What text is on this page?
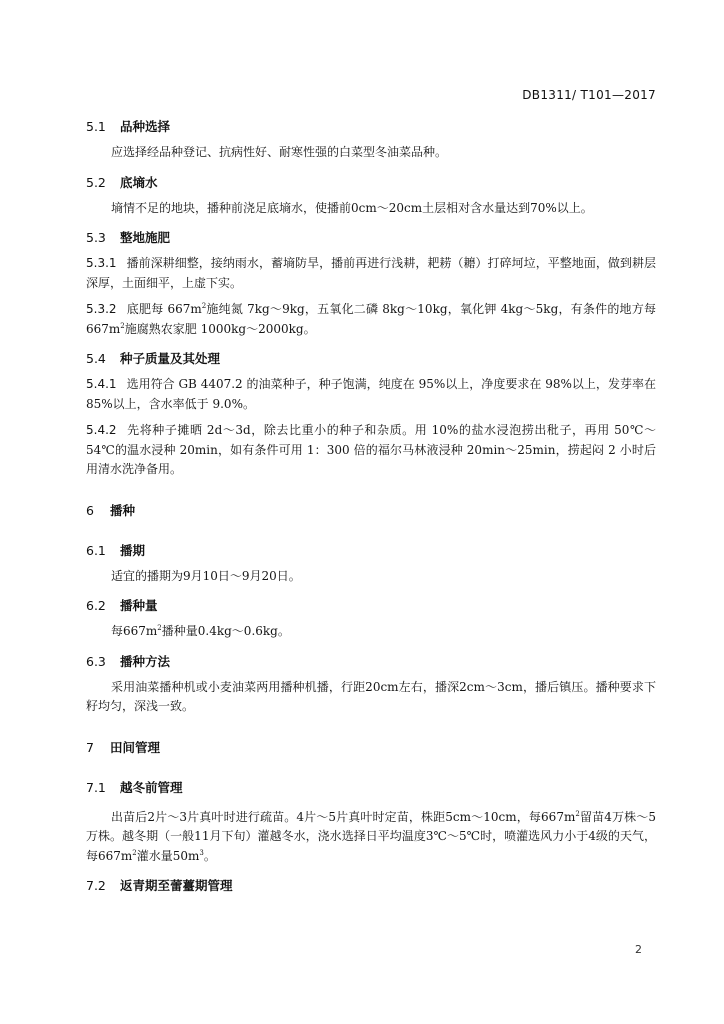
DB1311/ T101—2017
5.1 品种选择

应选择经品种登记、抗病性好、耐寒性强的白菜型冬油菜品种。

5.2 底墒水

墒情不足的地块，播种前浇足底墒水，使播前0cm～20cm土层相对含水量达到70%以上。

5.3 整地施肥

5.3.1 播前深耕细整，接纳雨水，蓄墒防旱，播前再进行浅耕，耙耢（耱）打碎坷垃，平整地面，做到耕层深厚，土面细平，上虚下实。

5.3.2 底肥每 $667m^2$施纯氮 7kg～9kg，五氧化二磷 8kg～10kg，氧化钾 4kg～5kg，有条件的地方每 $667m^2$施腐熟农家肥 1000kg～2000kg。

5.4 种子质量及其处理

5.4.1 选用符合 GB 4407.2 的油菜种子，种子饱满，纯度在 95%以上，净度要求在 98%以上，发芽率在 85%以上，含水率低于 9.0%。

5.4.2 先将种子摊晒 2d～3d，除去比重小的种子和杂质。用 10%的盐水浸泡捞出秕子，再用 50℃～54℃的温水浸种 20min，如有条件可用 1：300 倍的福尔马林液浸种 20min～25min，捞起闷 2 小时后用清水洗净备用。

6 播种
6.1 播期

适宜的播期为9月10日～9月20日。

6.2 播种量

每$667m^2$播种量0.4kg～0.6kg。

6.3 播种方法

采用油菜播种机或小麦油菜两用播种机播，行距20cm左右，播深2cm～3cm，播后镇压。播种要求下籽均匀，深浅一致。

7 田间管理
7.1 越冬前管理

出苗后2片～3片真叶时进行疏苗。4片～5片真叶时定苗，株距5cm～10cm，每$667m^2$留苗4万株～5万株。越冬期（一般11月下旬）灌越冬水，浇水选择日平均温度3℃～5℃时，喷灌选风力小于4级的天气，每$667m^2$灌水量$50m^3$。

7.2 返青期至蕾薹期管理
2
